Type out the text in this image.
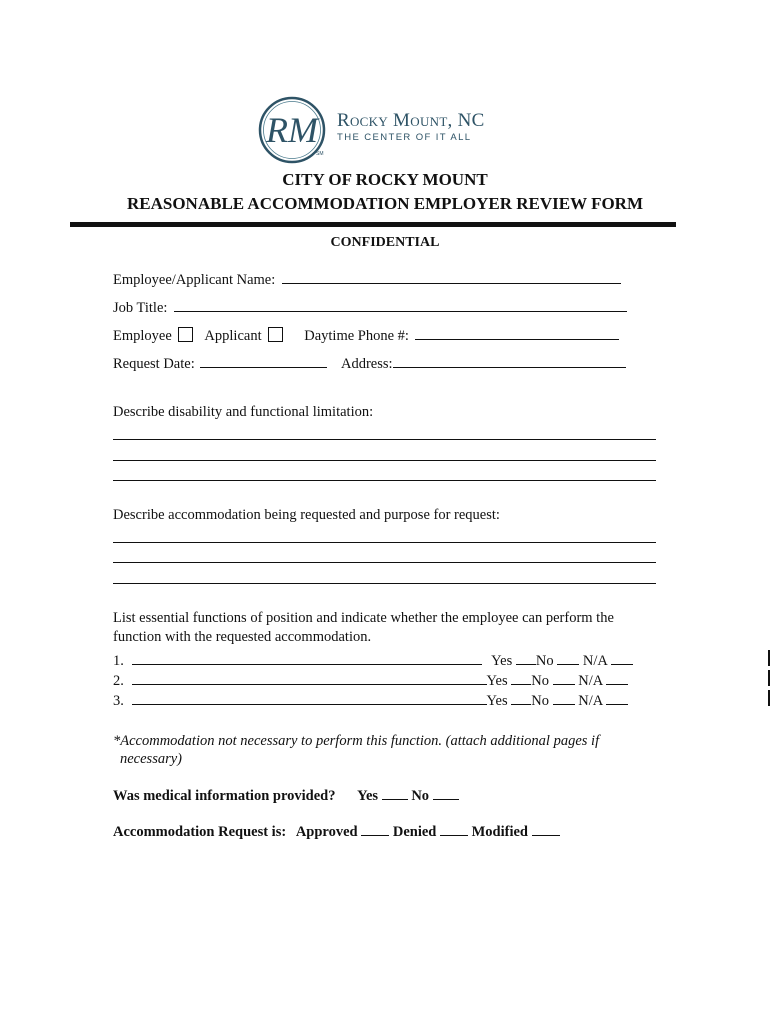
RM Rocky Mount, NC
THE CENTER OF IT ALL
SM
CITY OF ROCKY MOUNT
REASONABLE ACCOMMODATION EMPLOYER REVIEW FORM
CONFIDENTIAL
Employee/Applicant Name:
Job Title:
Employee Applicant	Daytime Phone #:
Request Date:	Address:
Describe disability and functional limitation:
Describe accommodation being requested and purpose for request:
List essential functions of position and indicate whether the employee can perform the
function with the requested accommodation.
1.	Yes No N/A
2.	Yes No N/A
3.	Yes No N/A
*Accommodation not necessary to perform this function. (attach additional pages if
necessary)
Was medical information provided? Yes No
Accommodation Request is: Approved Denied Modified
